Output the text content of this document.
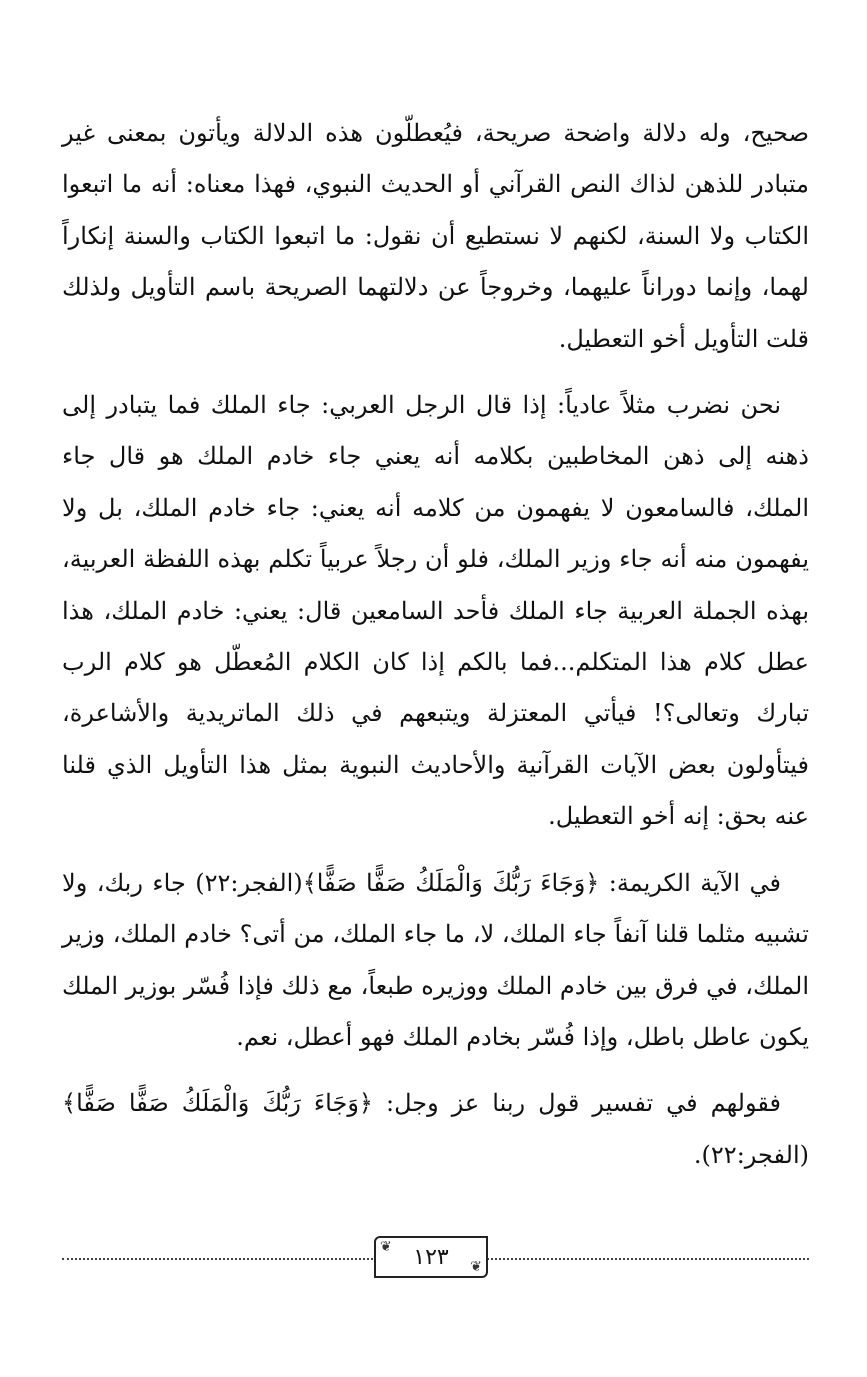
صحيح، وله دلالة واضحة صريحة، فيُعطلّون هذه الدلالة ويأتون بمعنى غير متبادر للذهن لذاك النص القرآني أو الحديث النبوي، فهذا معناه: أنه ما اتبعوا الكتاب ولا السنة، لكنهم لا نستطيع أن نقول: ما اتبعوا الكتاب والسنة إنكاراً لهما، وإنما دوراناً عليهما، وخروجاً عن دلالتهما الصريحة باسم التأويل ولذلك قلت التأويل أخو التعطيل.

نحن نضرب مثلاً عادياً: إذا قال الرجل العربي: جاء الملك فما يتبادر إلى ذهنه إلى ذهن المخاطبين بكلامه أنه يعني جاء خادم الملك هو قال جاء الملك، فالسامعون لا يفهمون من كلامه أنه يعني: جاء خادم الملك، بل ولا يفهمون منه أنه جاء وزير الملك، فلو أن رجلاً عربياً تكلم بهذه اللفظة العربية، بهذه الجملة العربية جاء الملك فأحد السامعين قال: يعني: خادم الملك، هذا عطل كلام هذا المتكلم...فما بالكم إذا كان الكلام المُعطّل هو كلام الرب تبارك وتعالى؟! فيأتي المعتزلة ويتبعهم في ذلك الماتريدية والأشاعرة، فيتأولون بعض الآيات القرآنية والأحاديث النبوية بمثل هذا التأويل الذي قلنا عنه بحق: إنه أخو التعطيل.

في الآية الكريمة: ﴿وَجَاءَ رَبُّكَ وَالْمَلَكُ صَفًّا صَفًّا﴾(الفجر:٢٢) جاء ربك، ولا تشبيه مثلما قلنا آنفاً جاء الملك، لا، ما جاء الملك، من أتى؟ خادم الملك، وزير الملك، في فرق بين خادم الملك ووزيره طبعاً، مع ذلك فإذا فُسّر بوزير الملك يكون عاطل باطل، وإذا فُسّر بخادم الملك فهو أعطل، نعم.

فقولهم في تفسير قول ربنا عز وجل: ﴿وَجَاءَ رَبُّكَ وَالْمَلَكُ صَفًّا صَفًّا﴾(الفجر:٢٢).

❦ ١٢٣ ❦
